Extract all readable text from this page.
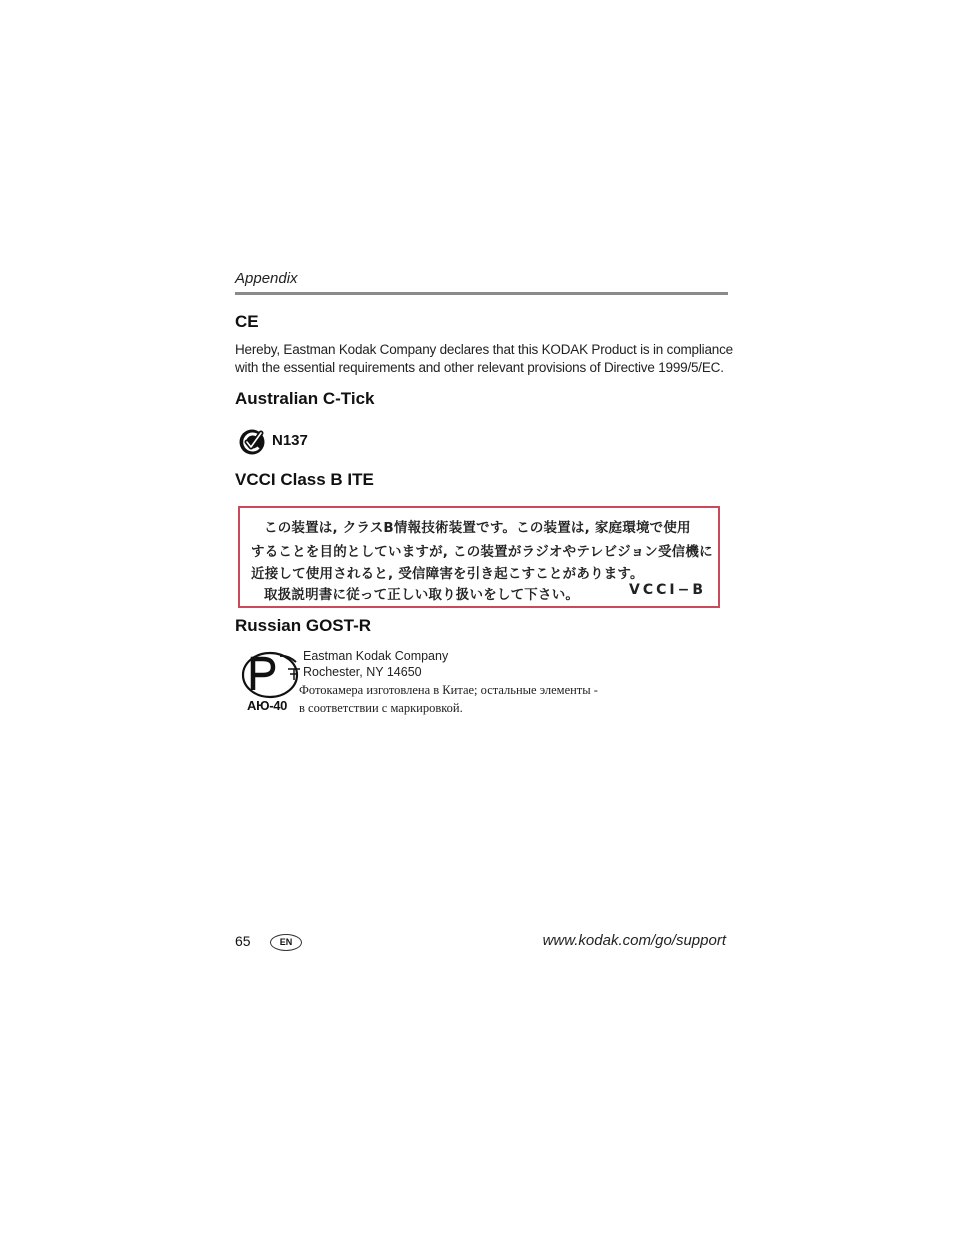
Appendix
CE
Hereby, Eastman Kodak Company declares that this KODAK Product is in compliance
with the essential requirements and other relevant provisions of Directive 1999/5/EC.
Australian C-Tick
N137
VCCI Class B ITE
この装置は, クラスB情報技術装置です。この装置は, 家庭環境で使用
することを目的としていますが, この装置がラジオやテレビジョン受信機に
近接して使用されると, 受信障害を引き起こすことがあります。
取扱説明書に従って正しい取り扱いをして下さい。	VCCI−B
Russian GOST-R
АЮ-40
Eastman Kodak Company
Rochester, NY 14650
Фотокамера изготовлена в Китае; остальные элементы -
в соответствии с маркировкой.
65	EN	www.kodak.com/go/support
